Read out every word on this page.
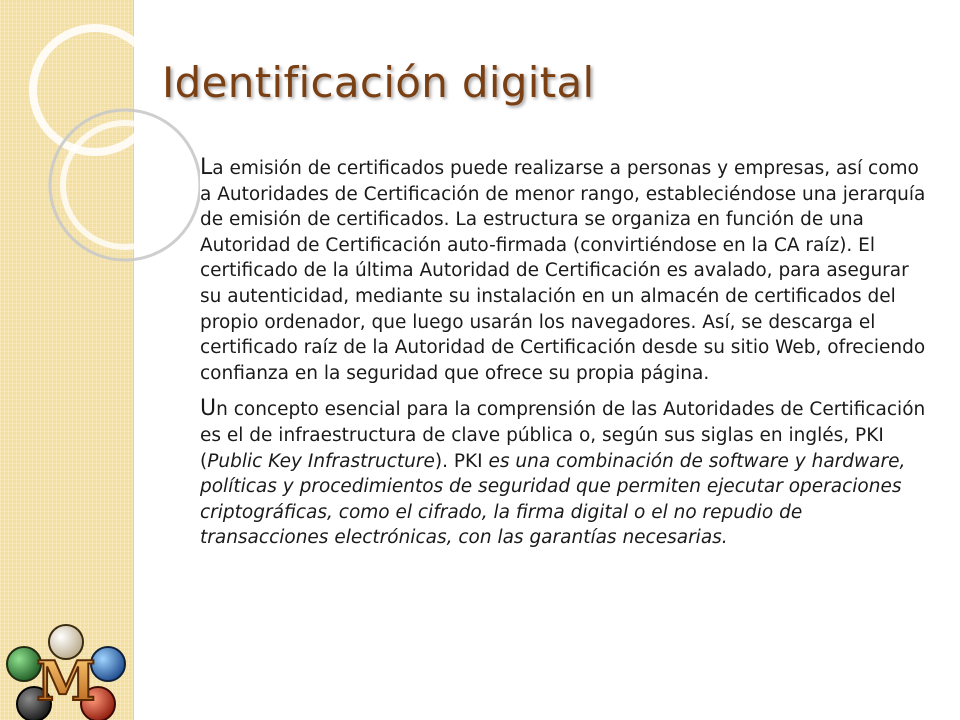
M
Identificación digital

La emisión de certificados puede realizarse a personas y empresas, así como a Autoridades de Certificación de menor rango, estableciéndose una jerarquía de emisión de certificados. La estructura se organiza en función de una Autoridad de Certificación auto-firmada (convirtiéndose en la CA raíz). El certificado de la última Autoridad de Certificación es avalado, para asegurar su autenticidad, mediante su instalación en un almacén de certificados del propio ordenador, que luego usarán los navegadores. Así, se descarga el certificado raíz de la Autoridad de Certificación desde su sitio Web, ofreciendo confianza en la seguridad que ofrece su propia página.

Un concepto esencial para la comprensión de las Autoridades de Certificación es el de infraestructura de clave pública o, según sus siglas en inglés, PKI (Public Key Infrastructure). PKI es una combinación de software y hardware, políticas y procedimientos de seguridad que permiten ejecutar operaciones criptográficas, como el cifrado, la firma digital o el no repudio de transacciones electrónicas, con las garantías necesarias.
